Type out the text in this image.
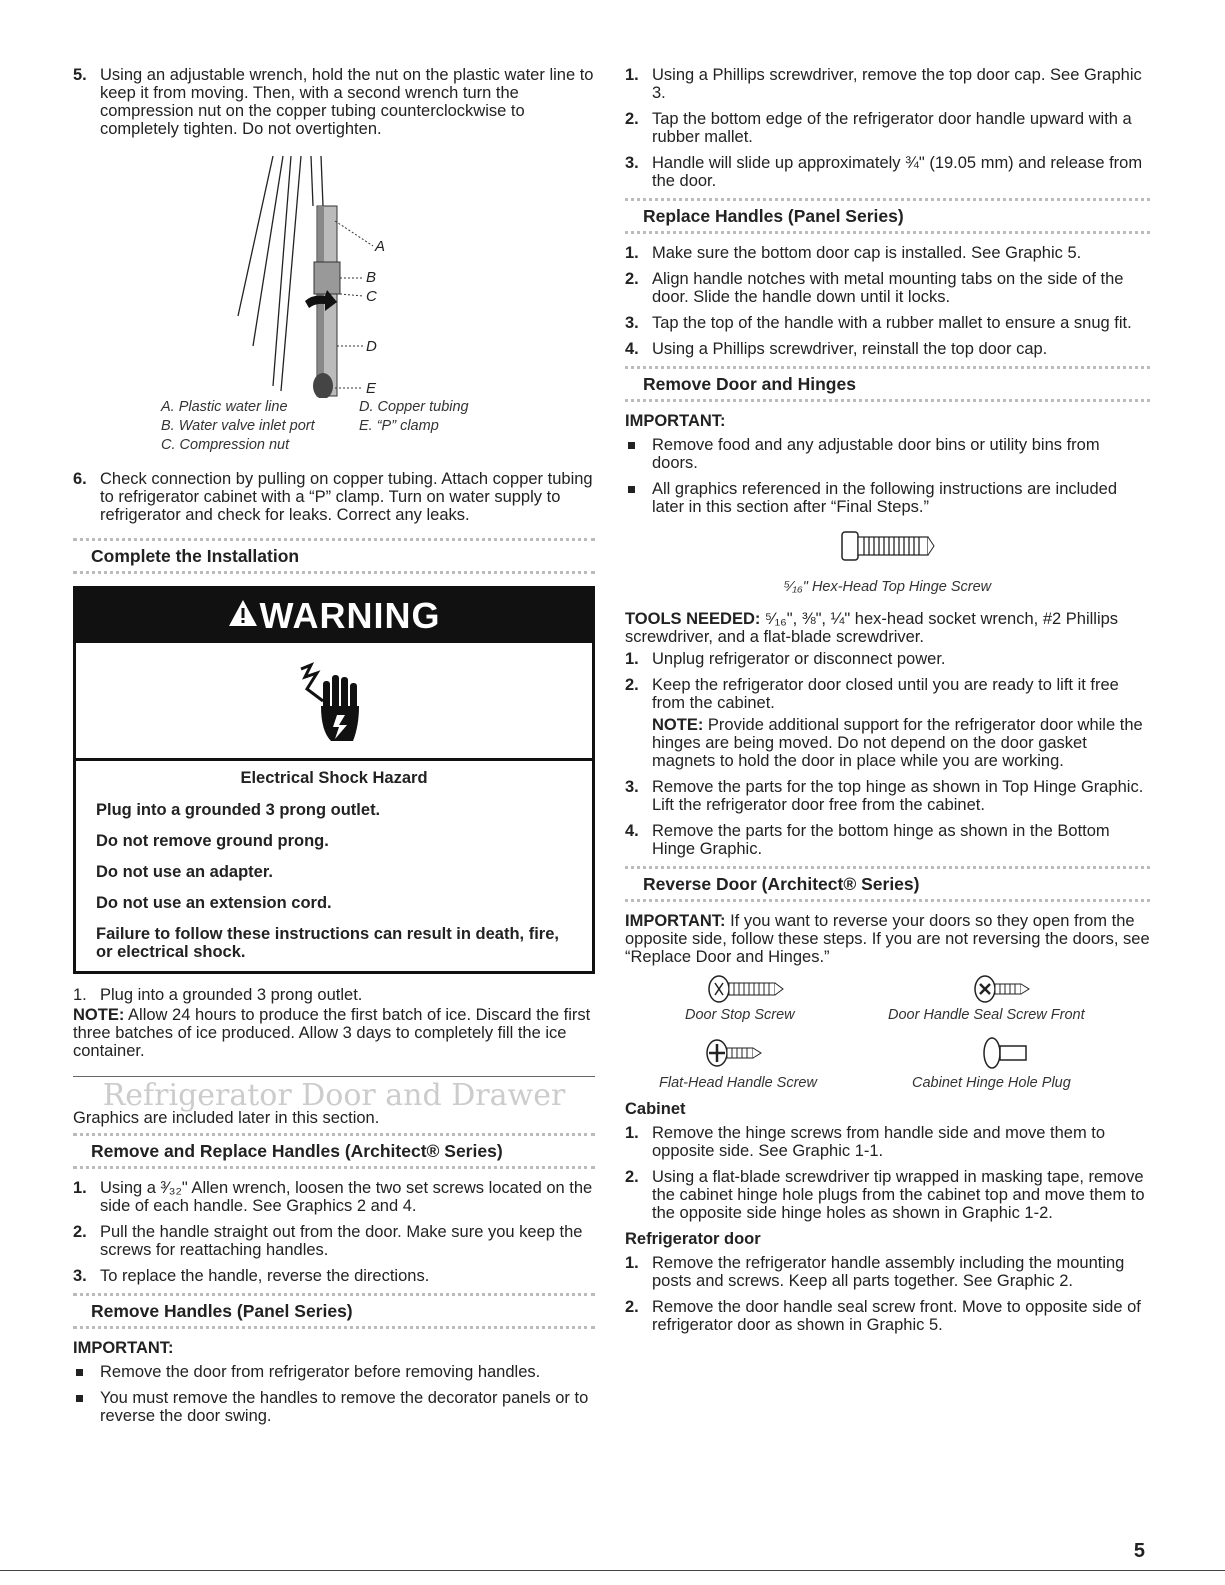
5. Using an adjustable wrench, hold the nut on the plastic water line to keep it from moving. Then, with a second wrench turn the compression nut on the copper tubing counterclockwise to completely tighten. Do not overtighten.
A
B
C
D
E
A. Plastic water line
B. Water valve inlet port
C. Compression nut
D. Copper tubing
E. “P” clamp
6. Check connection by pulling on copper tubing. Attach copper tubing to refrigerator cabinet with a “P” clamp. Turn on water supply to refrigerator and check for leaks. Correct any leaks.
Complete the Installation
WARNING
Electrical Shock Hazard

Plug into a grounded 3 prong outlet.

Do not remove ground prong.

Do not use an adapter.

Do not use an extension cord.

Failure to follow these instructions can result in death, fire, or electrical shock.

1. Plug into a grounded 3 prong outlet.
NOTE: Allow 24 hours to produce the first batch of ice. Discard the first three batches of ice produced. Allow 3 days to completely fill the ice container.
Refrigerator Door and Drawer
Graphics are included later in this section.
Remove and Replace Handles (Architect® Series)
1. Using a ³⁄₃₂" Allen wrench, loosen the two set screws located on the side of each handle. See Graphics 2 and 4.
2. Pull the handle straight out from the door. Make sure you keep the screws for reattaching handles.
3. To replace the handle, reverse the directions.
Remove Handles (Panel Series)
IMPORTANT:
Remove the door from refrigerator before removing handles.
You must remove the handles to remove the decorator panels or to reverse the door swing.
1. Using a Phillips screwdriver, remove the top door cap. See Graphic 3.
2. Tap the bottom edge of the refrigerator door handle upward with a rubber mallet.
3. Handle will slide up approximately ¾" (19.05 mm) and release from the door.
Replace Handles (Panel Series)
1. Make sure the bottom door cap is installed. See Graphic 5.
2. Align handle notches with metal mounting tabs on the side of the door. Slide the handle down until it locks.
3. Tap the top of the handle with a rubber mallet to ensure a snug fit.
4. Using a Phillips screwdriver, reinstall the top door cap.
Remove Door and Hinges
IMPORTANT:
Remove food and any adjustable door bins or utility bins from doors.
All graphics referenced in the following instructions are included later in this section after “Final Steps.”
⁵⁄₁₆" Hex-Head Top Hinge Screw
TOOLS NEEDED: ⁵⁄₁₆", ⅜", ¼" hex-head socket wrench, #2 Phillips screwdriver, and a flat-blade screwdriver.
1. Unplug refrigerator or disconnect power.
2. Keep the refrigerator door closed until you are ready to lift it free from the cabinet.
NOTE: Provide additional support for the refrigerator door while the hinges are being moved. Do not depend on the door gasket magnets to hold the door in place while you are working.
3. Remove the parts for the top hinge as shown in Top Hinge Graphic. Lift the refrigerator door free from the cabinet.
4. Remove the parts for the bottom hinge as shown in the Bottom Hinge Graphic.
Reverse Door (Architect® Series)
IMPORTANT: If you want to reverse your doors so they open from the opposite side, follow these steps. If you are not reversing the doors, see “Replace Door and Hinges.”
Door Stop Screw	Door Handle Seal Screw Front
Flat-Head Handle Screw	Cabinet Hinge Hole Plug
Cabinet
1. Remove the hinge screws from handle side and move them to opposite side. See Graphic 1-1.
2. Using a flat-blade screwdriver tip wrapped in masking tape, remove the cabinet hinge hole plugs from the cabinet top and move them to the opposite side hinge holes as shown in Graphic 1-2.
Refrigerator door
1. Remove the refrigerator handle assembly including the mounting posts and screws. Keep all parts together. See Graphic 2.
2. Remove the door handle seal screw front. Move to opposite side of refrigerator door as shown in Graphic 5.
5
